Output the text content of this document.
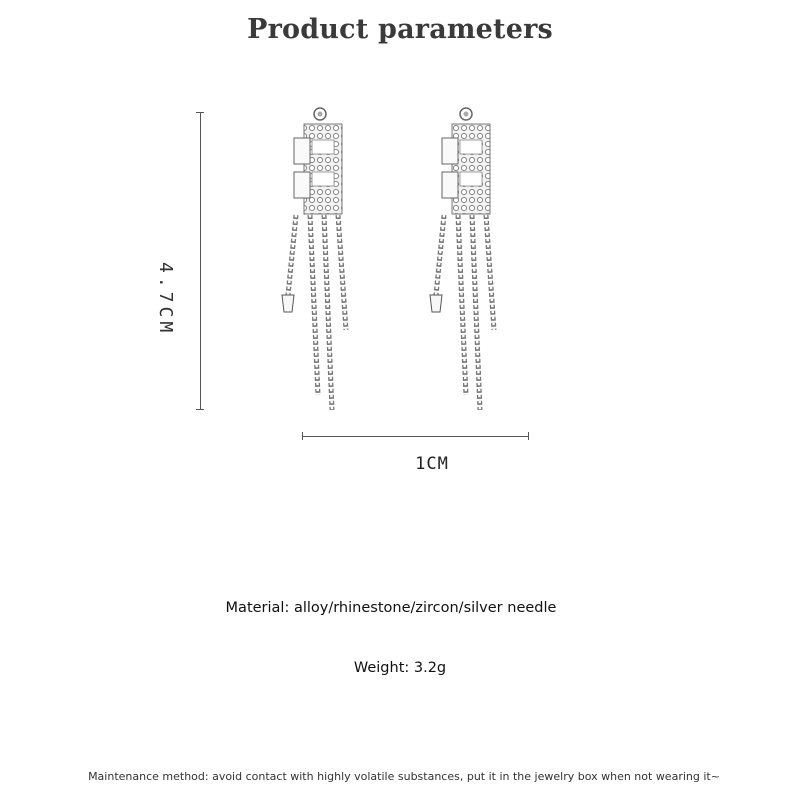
Product parameters
4.7CM
1CM
Material: alloy/rhinestone/zircon/silver needle
Weight: 3.2g
Maintenance method: avoid contact with highly volatile substances, put it in the jewelry box when not wearing it~
